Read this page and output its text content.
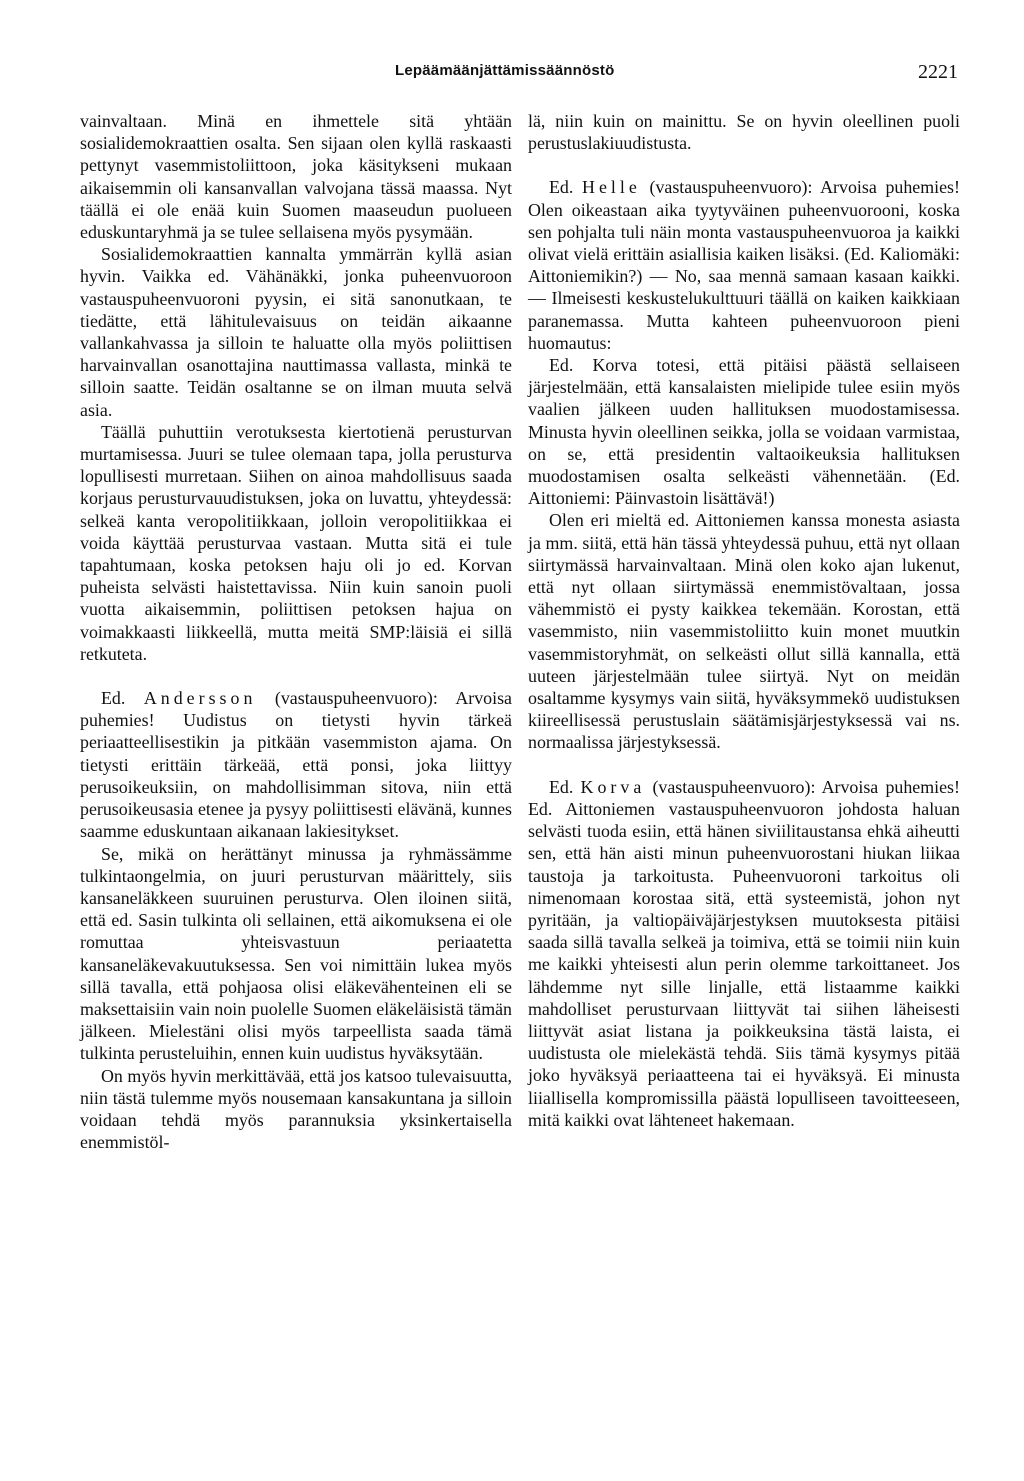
Lepäämäänjättämissäännöstö	2221

vainvaltaan. Minä en ihmettele sitä yhtään sosialidemokraattien osalta. Sen sijaan olen kyllä raskaasti pettynyt vasemmistoliittoon, joka käsitykseni mukaan aikaisemmin oli kansanvallan valvojana tässä maassa. Nyt täällä ei ole enää kuin Suomen maaseudun puolueen eduskuntaryhmä ja se tulee sellaisena myös pysymään.

Sosialidemokraattien kannalta ymmärrän kyllä asian hyvin. Vaikka ed. Vähänäkki, jonka puheenvuoroon vastauspuheenvuoroni pyysin, ei sitä sanonutkaan, te tiedätte, että lähitulevaisuus on teidän aikaanne vallankahvassa ja silloin te haluatte olla myös poliittisen harvainvallan osanottajina nauttimassa vallasta, minkä te silloin saatte. Teidän osaltanne se on ilman muuta selvä asia.

Täällä puhuttiin verotuksesta kiertotienä perusturvan murtamisessa. Juuri se tulee olemaan tapa, jolla perusturva lopullisesti murretaan. Siihen on ainoa mahdollisuus saada korjaus perusturvauudistuksen, joka on luvattu, yhteydessä: selkeä kanta veropolitiikkaan, jolloin veropolitiikkaa ei voida käyttää perusturvaa vastaan. Mutta sitä ei tule tapahtumaan, koska petoksen haju oli jo ed. Korvan puheista selvästi haistettavissa. Niin kuin sanoin puoli vuotta aikaisemmin, poliittisen petoksen hajua on voimakkaasti liikkeellä, mutta meitä SMP:läisiä ei sillä retkuteta.

Ed. Andersson (vastauspuheenvuoro): Arvoisa puhemies! Uudistus on tietysti hyvin tärkeä periaatteellisestikin ja pitkään vasemmiston ajama. On tietysti erittäin tärkeää, että ponsi, joka liittyy perusoikeuksiin, on mahdollisimman sitova, niin että perusoikeusasia etenee ja pysyy poliittisesti elävänä, kunnes saamme eduskuntaan aikanaan lakiesitykset.

Se, mikä on herättänyt minussa ja ryhmässämme tulkintaongelmia, on juuri perusturvan määrittely, siis kansaneläkkeen suuruinen perusturva. Olen iloinen siitä, että ed. Sasin tulkinta oli sellainen, että aikomuksena ei ole romuttaa yhteisvastuun periaatetta kansaneläkevakuutuksessa. Sen voi nimittäin lukea myös sillä tavalla, että pohjaosa olisi eläkevähenteinen eli se maksettaisiin vain noin puolelle Suomen eläkeläisistä tämän jälkeen. Mielestäni olisi myös tarpeellista saada tämä tulkinta perusteluihin, ennen kuin uudistus hyväksytään.

On myös hyvin merkittävää, että jos katsoo tulevaisuutta, niin tästä tulemme myös nousemaan kansakuntana ja silloin voidaan tehdä myös parannuksia yksinkertaisella enemmistöl-

lä, niin kuin on mainittu. Se on hyvin oleellinen puoli perustuslakiuudistusta.

Ed. Helle (vastauspuheenvuoro): Arvoisa puhemies! Olen oikeastaan aika tyytyväinen puheenvuorooni, koska sen pohjalta tuli näin monta vastauspuheenvuoroa ja kaikki olivat vielä erittäin asiallisia kaiken lisäksi. (Ed. Kaliomäki: Aittoniemikin?) — No, saa mennä samaan kasaan kaikki. — Ilmeisesti keskustelukulttuuri täällä on kaiken kaikkiaan paranemassa. Mutta kahteen puheenvuoroon pieni huomautus:

Ed. Korva totesi, että pitäisi päästä sellaiseen järjestelmään, että kansalaisten mielipide tulee esiin myös vaalien jälkeen uuden hallituksen muodostamisessa. Minusta hyvin oleellinen seikka, jolla se voidaan varmistaa, on se, että presidentin valtaoikeuksia hallituksen muodostamisen osalta selkeästi vähennetään. (Ed. Aittoniemi: Päinvastoin lisättävä!)

Olen eri mieltä ed. Aittoniemen kanssa monesta asiasta ja mm. siitä, että hän tässä yhteydessä puhuu, että nyt ollaan siirtymässä harvainvaltaan. Minä olen koko ajan lukenut, että nyt ollaan siirtymässä enemmistövaltaan, jossa vähemmistö ei pysty kaikkea tekemään. Korostan, että vasemmisto, niin vasemmistoliitto kuin monet muutkin vasemmistoryhmät, on selkeästi ollut sillä kannalla, että uuteen järjestelmään tulee siirtyä. Nyt on meidän osaltamme kysymys vain siitä, hyväksymmekö uudistuksen kiireellisessä perustuslain säätämisjärjestyksessä vai ns. normaalissa järjestyksessä.

Ed. Korva (vastauspuheenvuoro): Arvoisa puhemies! Ed. Aittoniemen vastauspuheenvuoron johdosta haluan selvästi tuoda esiin, että hänen siviilitaustansa ehkä aiheutti sen, että hän aisti minun puheenvuorostani hiukan liikaa taustoja ja tarkoitusta. Puheenvuoroni tarkoitus oli nimenomaan korostaa sitä, että systeemistä, johon nyt pyritään, ja valtiopäiväjärjestyksen muutoksesta pitäisi saada sillä tavalla selkeä ja toimiva, että se toimii niin kuin me kaikki yhteisesti alun perin olemme tarkoittaneet. Jos lähdemme nyt sille linjalle, että listaamme kaikki mahdolliset perusturvaan liittyvät tai siihen läheisesti liittyvät asiat listana ja poikkeuksina tästä laista, ei uudistusta ole mielekästä tehdä. Siis tämä kysymys pitää joko hyväksyä periaatteena tai ei hyväksyä. Ei minusta liiallisella kompromissilla päästä lopulliseen tavoitteeseen, mitä kaikki ovat lähteneet hakemaan.
